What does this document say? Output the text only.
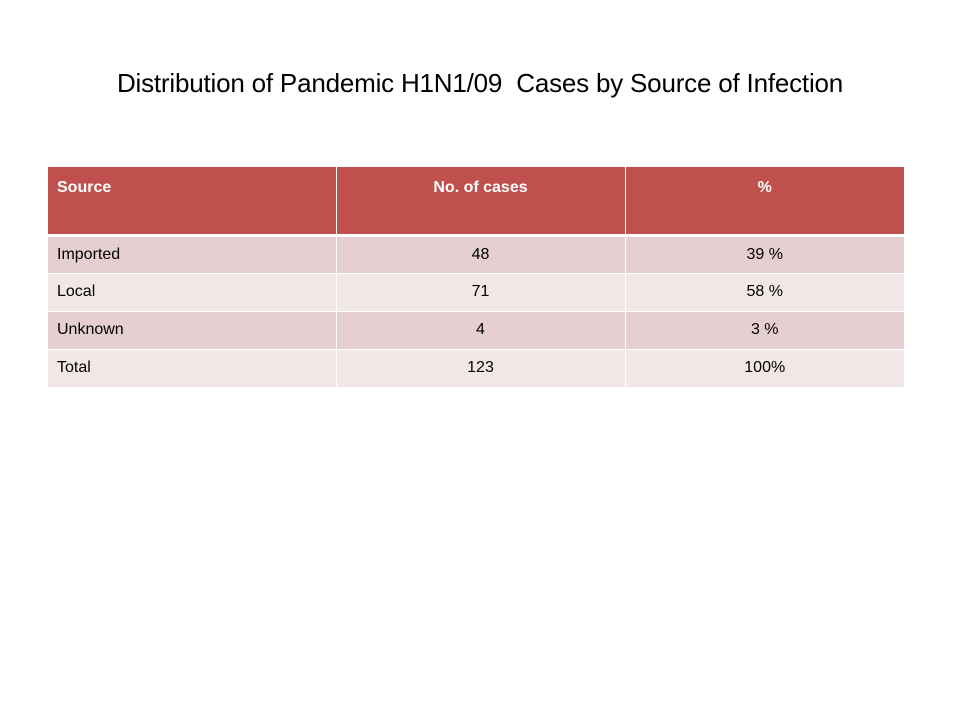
Distribution of Pandemic H1N1/09  Cases by Source of Infection
Source	No. of cases	%
Imported	48	39 %
Local	71	58 %
Unknown	4	3 %
Total	123	100%
